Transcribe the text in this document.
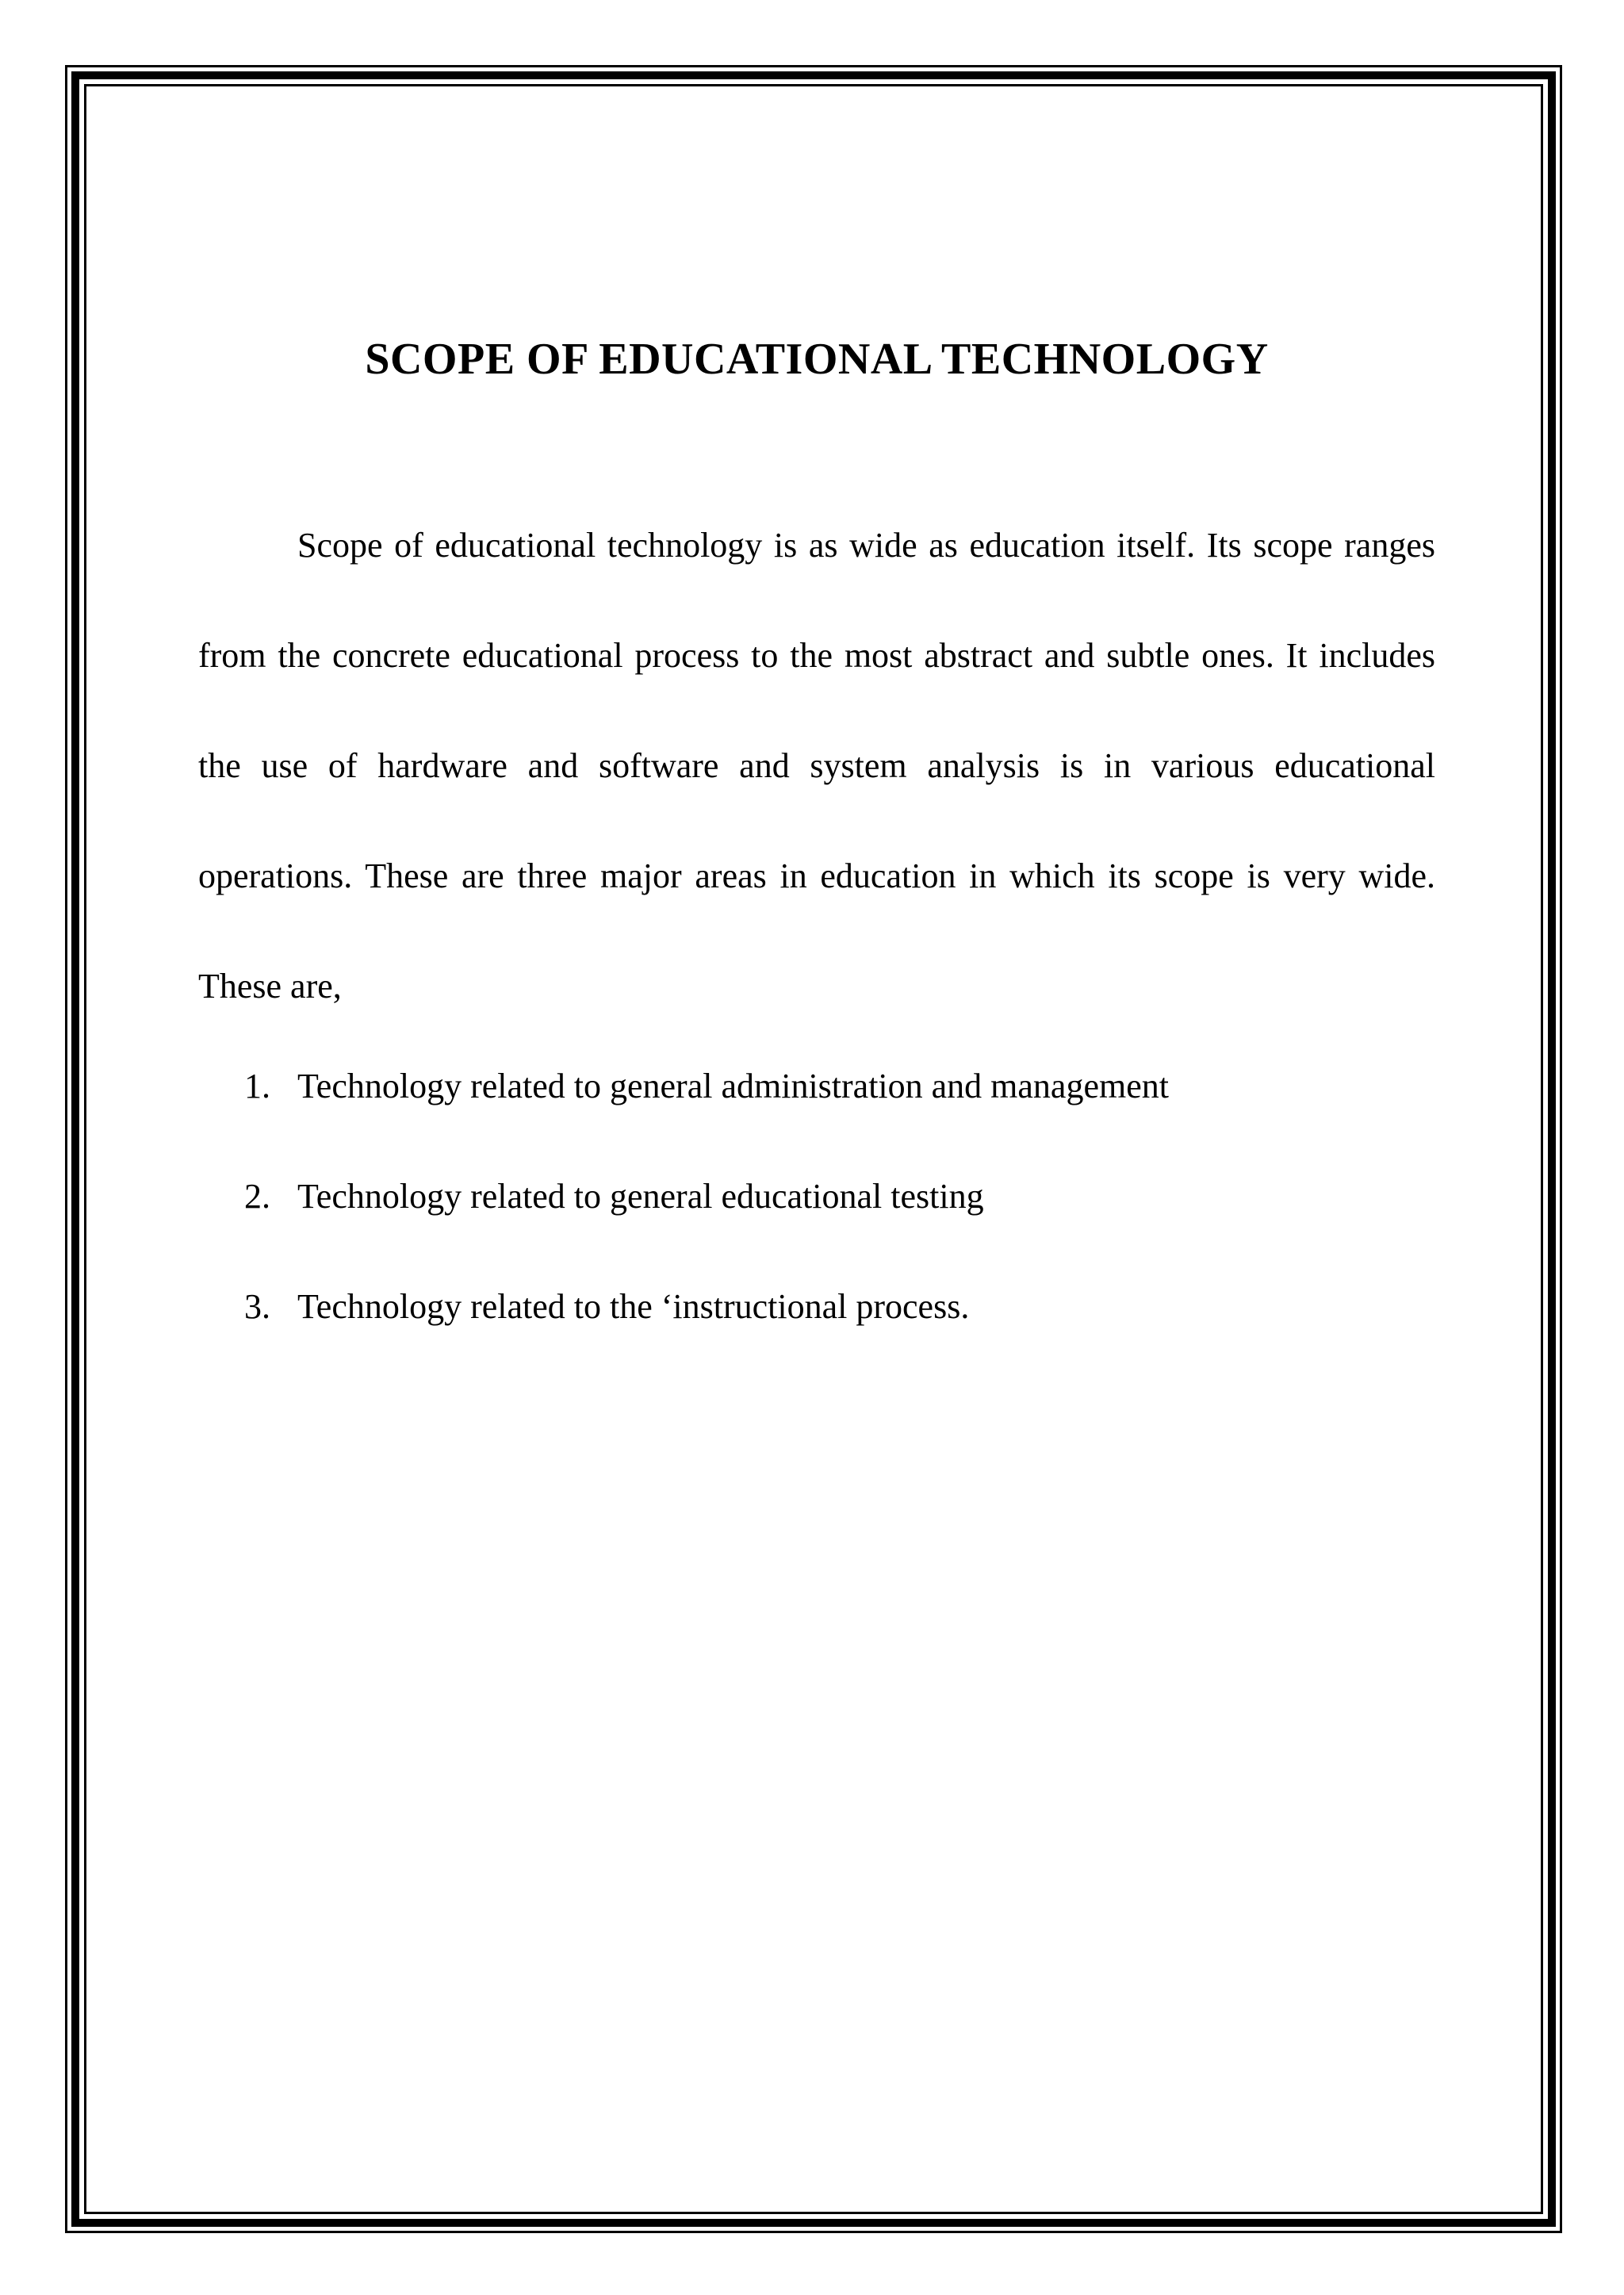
SCOPE OF EDUCATIONAL TECHNOLOGY

Scope of educational technology is as wide as education itself. Its scope ranges from the concrete educational process to the most abstract and subtle ones. It includes the use of hardware and software and system analysis is in various educational operations. These are three major areas in education in which its scope is very wide. These are,

1. Technology related to general administration and management
2. Technology related to general educational testing
3. Technology related to the ‘instructional process.
